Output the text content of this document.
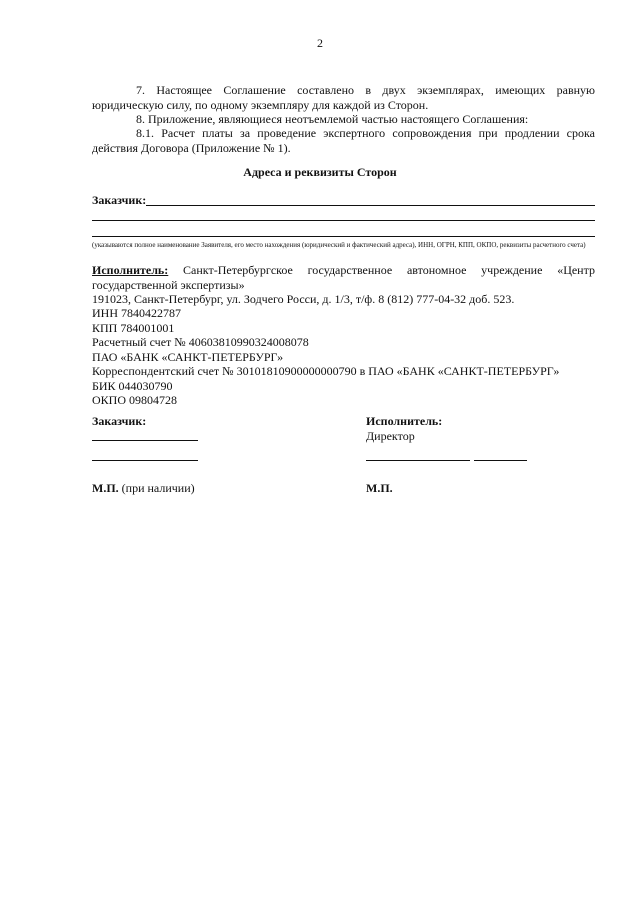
2
7. Настоящее Соглашение составлено в двух экземплярах, имеющих равную юридическую силу, по одному экземпляру для каждой из Сторон.
8. Приложение, являющиеся неотъемлемой частью настоящего Соглашения:
8.1. Расчет платы за проведение экспертного сопровождения при продлении срока действия Договора (Приложение № 1).
Адреса и реквизиты Сторон
Заказчик:
(указываются полное наименование Заявителя, его место нахождения (юридический и фактический адреса), ИНН, ОГРН, КПП, ОКПО, реквизиты расчетного счета)
Исполнитель: Санкт-Петербургское государственное автономное учреждение «Центр государственной экспертизы»
191023, Санкт-Петербург, ул. Зодчего Росси, д. 1/3, т/ф. 8 (812) 777-04-32 доб. 523.
ИНН 7840422787
КПП 784001001
Расчетный счет № 40603810990324008078
ПАО «БАНК «САНКТ-ПЕТЕРБУРГ»
Корреспондентский счет № 30101810900000000790 в ПАО «БАНК «САНКТ-ПЕТЕРБУРГ»
БИК 044030790
ОКПО 09804728
Заказчик:	Исполнитель:
Директор
М.П. (при наличии)	М.П.
